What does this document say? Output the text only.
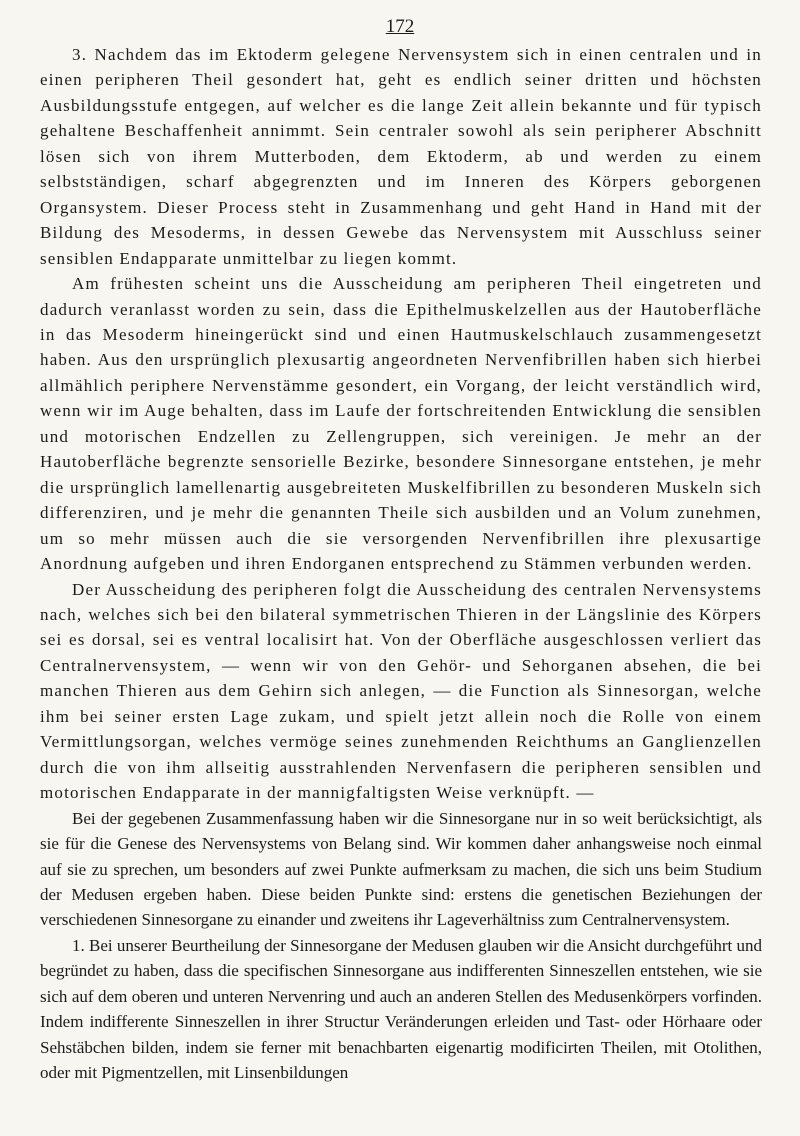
172

3. Nachdem das im Ektoderm gelegene Nervensystem sich in einen centralen und in einen peripheren Theil gesondert hat, geht es endlich seiner dritten und höchsten Ausbildungsstufe entgegen, auf welcher es die lange Zeit allein bekannte und für typisch gehaltene Beschaffenheit annimmt. Sein centraler sowohl als sein peripherer Abschnitt lösen sich von ihrem Mutterboden, dem Ektoderm, ab und werden zu einem selbstständigen, scharf abgegrenzten und im Inneren des Körpers geborgenen Organsystem. Dieser Process steht in Zusammenhang und geht Hand in Hand mit der Bildung des Mesoderms, in dessen Gewebe das Nervensystem mit Ausschluss seiner sensiblen Endapparate unmittelbar zu liegen kommt.

Am frühesten scheint uns die Ausscheidung am peripheren Theil eingetreten und dadurch veranlasst worden zu sein, dass die Epithelmuskelzellen aus der Hautoberfläche in das Mesoderm hineingerückt sind und einen Hautmuskelschlauch zusammengesetzt haben. Aus den ursprünglich plexusartig angeordneten Nervenfibrillen haben sich hierbei allmählich periphere Nervenstämme gesondert, ein Vorgang, der leicht verständlich wird, wenn wir im Auge behalten, dass im Laufe der fortschreitenden Entwicklung die sensiblen und motorischen Endzellen zu Zellengruppen, sich vereinigen. Je mehr an der Hautoberfläche begrenzte sensorielle Bezirke, besondere Sinnesorgane entstehen, je mehr die ursprünglich lamellenartig ausgebreiteten Muskelfibrillen zu besonderen Muskeln sich differenziren, und je mehr die genannten Theile sich ausbilden und an Volum zunehmen, um so mehr müssen auch die sie versorgenden Nervenfibrillen ihre plexusartige Anordnung aufgeben und ihren Endorganen entsprechend zu Stämmen verbunden werden.

Der Ausscheidung des peripheren folgt die Ausscheidung des centralen Nervensystems nach, welches sich bei den bilateral symmetrischen Thieren in der Längslinie des Körpers sei es dorsal, sei es ventral localisirt hat. Von der Oberfläche ausgeschlossen verliert das Centralnervensystem, — wenn wir von den Gehör- und Sehorganen absehen, die bei manchen Thieren aus dem Gehirn sich anlegen, — die Function als Sinnesorgan, welche ihm bei seiner ersten Lage zukam, und spielt jetzt allein noch die Rolle von einem Vermittlungsorgan, welches vermöge seines zunehmenden Reichthums an Ganglienzellen durch die von ihm allseitig ausstrahlenden Nervenfasern die peripheren sensiblen und motorischen Endapparate in der mannigfaltigsten Weise verknüpft. —

Bei der gegebenen Zusammenfassung haben wir die Sinnesorgane nur in so weit berücksichtigt, als sie für die Genese des Nervensystems von Belang sind. Wir kommen daher anhangsweise noch einmal auf sie zu sprechen, um besonders auf zwei Punkte aufmerksam zu machen, die sich uns beim Studium der Medusen ergeben haben. Diese beiden Punkte sind: erstens die genetischen Beziehungen der verschiedenen Sinnesorgane zu einander und zweitens ihr Lageverhältniss zum Centralnervensystem.

1. Bei unserer Beurtheilung der Sinnesorgane der Medusen glauben wir die Ansicht durchgeführt und begründet zu haben, dass die specifischen Sinnesorgane aus indifferenten Sinneszellen entstehen, wie sie sich auf dem oberen und unteren Nervenring und auch an anderen Stellen des Medusenkörpers vorfinden. Indem indifferente Sinneszellen in ihrer Structur Veränderungen erleiden und Tast- oder Hörhaare oder Sehstäbchen bilden, indem sie ferner mit benachbarten eigenartig modificirten Theilen, mit Otolithen, oder mit Pigmentzellen, mit Linsenbildungen
